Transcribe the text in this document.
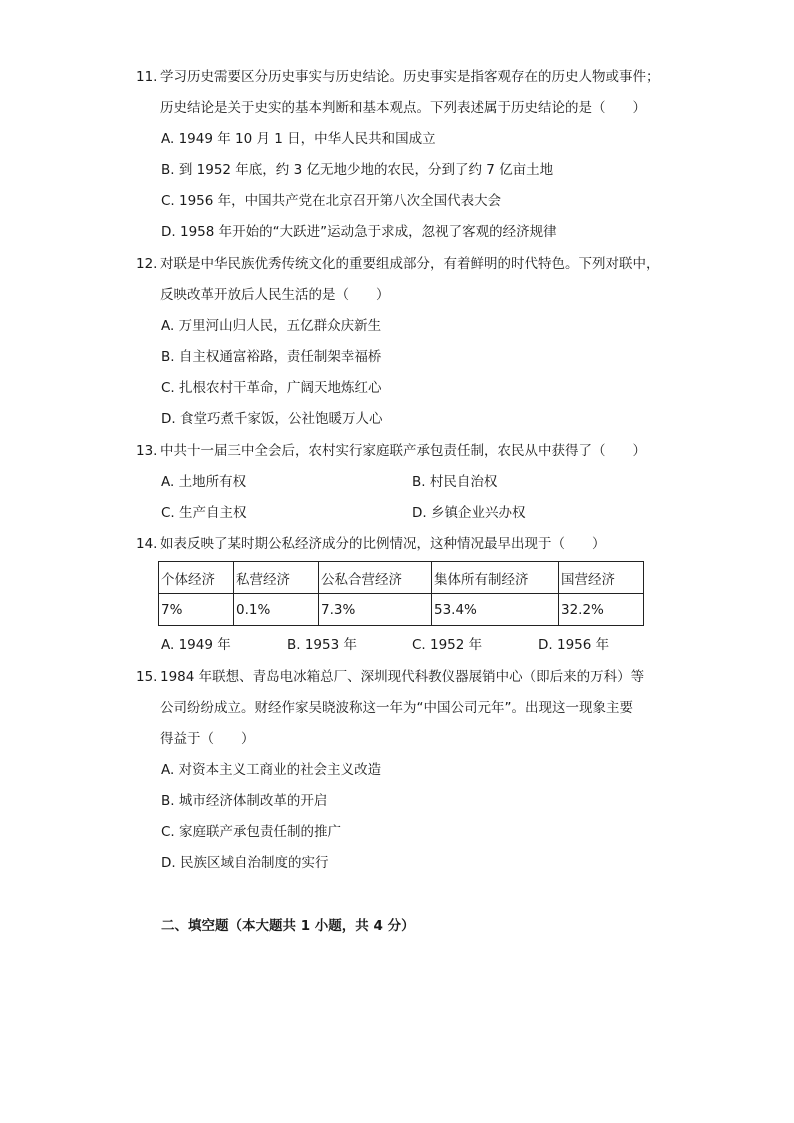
11. 学习历史需要区分历史事实与历史结论。历史事实是指客观存在的历史人物或事件；
历史结论是关于史实的基本判断和基本观点。下列表述属于历史结论的是（　　）
A. 1949 年 10 月 1 日，中华人民共和国成立
B. 到 1952 年底，约 3 亿无地少地的农民，分到了约 7 亿亩土地
C. 1956 年，中国共产党在北京召开第八次全国代表大会
D. 1958 年开始的“大跃进”运动急于求成，忽视了客观的经济规律
12. 对联是中华民族优秀传统文化的重要组成部分，有着鲜明的时代特色。下列对联中，
反映改革开放后人民生活的是（　　）
A. 万里河山归人民，五亿群众庆新生
B. 自主权通富裕路，责任制架幸福桥
C. 扎根农村干革命，广阔天地炼红心
D. 食堂巧煮千家饭，公社饱暖万人心
13. 中共十一届三中全会后，农村实行家庭联产承包责任制，农民从中获得了（　　）
A. 土地所有权	B. 村民自治权
C. 生产自主权	D. 乡镇企业兴办权
14. 如表反映了某时期公私经济成分的比例情况，这种情况最早出现于（　　）
个体经济	私营经济	公私合营经济	集体所有制经济	国营经济
7%	0.1%	7.3%	53.4%	32.2%
A. 1949 年	B. 1953 年	C. 1952 年	D. 1956 年
15. 1984 年联想、青岛电冰箱总厂、深圳现代科教仪器展销中心（即后来的万科）等
公司纷纷成立。财经作家吴晓波称这一年为“中国公司元年”。出现这一现象主要
得益于（　　）
A. 对资本主义工商业的社会主义改造
B. 城市经济体制改革的开启
C. 家庭联产承包责任制的推广
D. 民族区域自治制度的实行
二、填空题（本大题共 1 小题，共 4 分）
